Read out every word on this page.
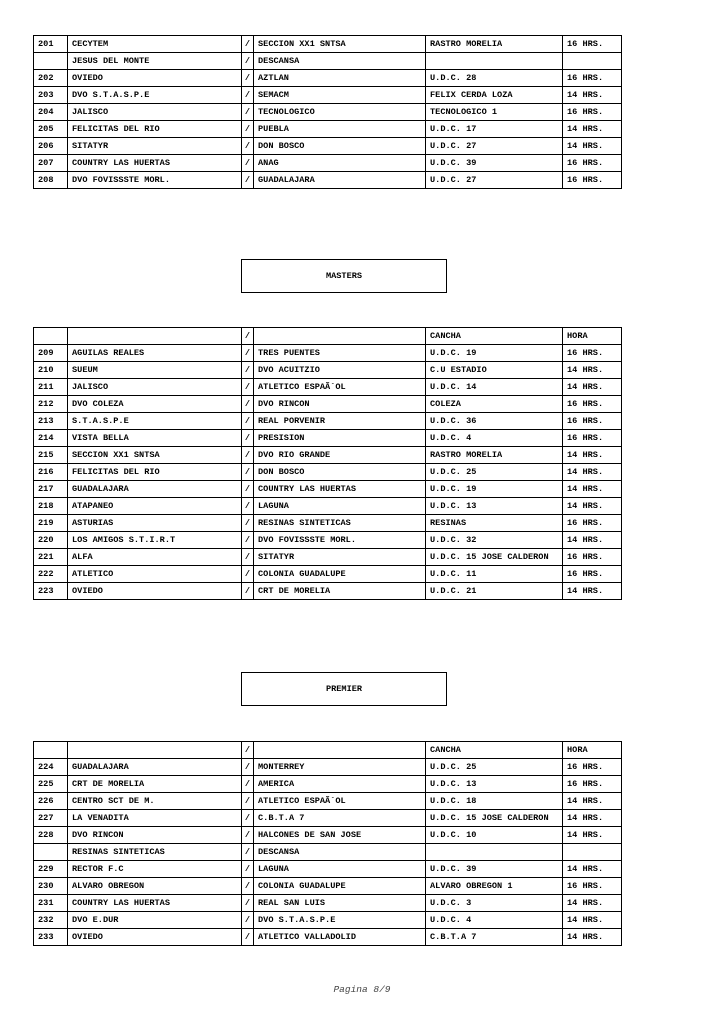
201	CECYTEM	/	SECCION XX1 SNTSA	RASTRO MORELIA	16 HRS.
	JESUS DEL MONTE	/	DESCANSA		
202	OVIEDO	/	AZTLAN	U.D.C. 28	16 HRS.
203	DVO S.T.A.S.P.E	/	SEMACM	FELIX CERDA LOZA	14 HRS.
204	JALISCO	/	TECNOLOGICO	TECNOLOGICO 1	16 HRS.
205	FELICITAS DEL RIO	/	PUEBLA	U.D.C. 17	14 HRS.
206	SITATYR	/	DON BOSCO	U.D.C. 27	14 HRS.
207	COUNTRY LAS HUERTAS	/	ANAG	U.D.C. 39	16 HRS.
208	DVO FOVISSSTE MORL.	/	GUADALAJARA	U.D.C. 27	16 HRS.
MASTERS
		/		CANCHA	HORA
209	AGUILAS REALES	/	TRES PUENTES	U.D.C. 19	16 HRS.
210	SUEUM	/	DVO ACUITZIO	C.U ESTADIO	14 HRS.
211	JALISCO	/	ATLETICO ESPAÃ`OL	U.D.C. 14	14 HRS.
212	DVO COLEZA	/	DVO RINCON	COLEZA	16 HRS.
213	S.T.A.S.P.E	/	REAL PORVENIR	U.D.C. 36	16 HRS.
214	VISTA BELLA	/	PRESISION	U.D.C. 4	16 HRS.
215	SECCION XX1 SNTSA	/	DVO RIO GRANDE	RASTRO MORELIA	14 HRS.
216	FELICITAS DEL RIO	/	DON BOSCO	U.D.C. 25	14 HRS.
217	GUADALAJARA	/	COUNTRY LAS HUERTAS	U.D.C. 19	14 HRS.
218	ATAPANEO	/	LAGUNA	U.D.C. 13	14 HRS.
219	ASTURIAS	/	RESINAS SINTETICAS	RESINAS	16 HRS.
220	LOS AMIGOS S.T.I.R.T	/	DVO FOVISSSTE MORL.	U.D.C. 32	14 HRS.
221	ALFA	/	SITATYR	U.D.C. 15 JOSE CALDERON	16 HRS.
222	ATLETICO	/	COLONIA GUADALUPE	U.D.C. 11	16 HRS.
223	OVIEDO	/	CRT DE MORELIA	U.D.C. 21	14 HRS.
PREMIER
		/		CANCHA	HORA
224	GUADALAJARA	/	MONTERREY	U.D.C. 25	16 HRS.
225	CRT DE MORELIA	/	AMERICA	U.D.C. 13	16 HRS.
226	CENTRO SCT DE M.	/	ATLETICO ESPAÃ`OL	U.D.C. 18	14 HRS.
227	LA VENADITA	/	C.B.T.A 7	U.D.C. 15 JOSE CALDERON	14 HRS.
228	DVO RINCON	/	HALCONES DE SAN JOSE	U.D.C. 10	14 HRS.
	RESINAS SINTETICAS	/	DESCANSA		
229	RECTOR F.C	/	LAGUNA	U.D.C. 39	14 HRS.
230	ALVARO OBREGON	/	COLONIA GUADALUPE	ALVARO OBREGON 1	16 HRS.
231	COUNTRY LAS HUERTAS	/	REAL SAN LUIS	U.D.C. 3	14 HRS.
232	DVO E.DUR	/	DVO S.T.A.S.P.E	U.D.C. 4	14 HRS.
233	OVIEDO	/	ATLETICO VALLADOLID	C.B.T.A 7	14 HRS.
Pagina 8/9
